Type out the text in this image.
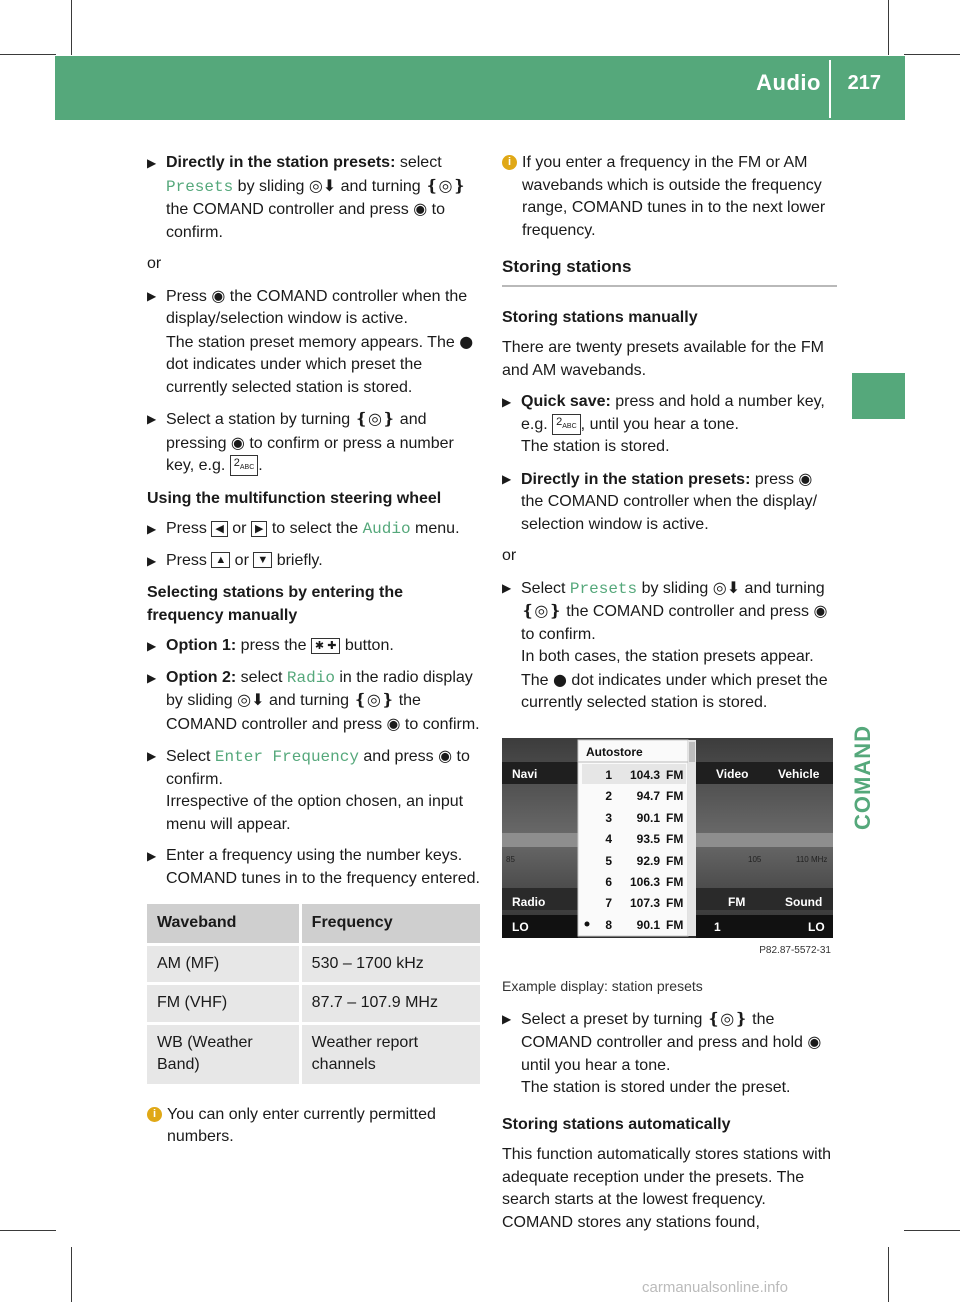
Audio 217
COMAND

▶ Directly in the station presets: select Presets by sliding ◎⬇ and turning ❴◎❵ the COMAND controller and press ◉ to confirm.

or

▶ Press ◉ the COMAND controller when the display/selection window is active.
The station preset memory appears. The ● dot indicates under which preset the currently selected station is stored.

▶ Select a station by turning ❴◎❵ and pressing ◉ to confirm or press a number key, e.g. $2_{ABC}$ .

Using the multifunction steering wheel

▶ Press ◀ or ▶ to select the Audio menu.

▶ Press ▲ or ▼ briefly.

Selecting stations by entering the frequency manually

▶ Option 1: press the ✱ ✚ button.

▶ Option 2: select Radio in the radio display by sliding ◎⬇ and turning ❴◎❵ the COMAND controller and press ◉ to confirm.

▶ Select Enter Frequency and press ◉ to confirm.
Irrespective of the option chosen, an input menu will appear.

▶ Enter a frequency using the number keys.
COMAND tunes in to the frequency entered.

Waveband	Frequency
AM (MF)	530 – 1700 kHz
FM (VHF)	87.7 – 107.9 MHz
WB (Weather Band)	Weather report channels

i You can only enter currently permitted numbers.

i If you enter a frequency in the FM or AM wavebands which is outside the frequency range, COMAND tunes in to the next lower frequency.

Storing stations

Storing stations manually

There are twenty presets available for the FM and AM wavebands.

▶ Quick save: press and hold a number key, e.g. $2_{ABC}$ , until you hear a tone.
The station is stored.

▶ Directly in the station presets: press ◉ the COMAND controller when the display/ selection window is active.

or

▶ Select Presets by sliding ◎⬇ and turning ❴◎❵ the COMAND controller and press ◉ to confirm.
In both cases, the station presets appear.
The ● dot indicates under which preset the currently selected station is stored.

Navi
Radio
LO
Video Vehicle
FM	Sound
1	LO
85	105	110 MHz
Autostore
1 104.3 FM
2 94.7 FM
3 90.1 FM
4 93.5 FM
5 92.9 FM
6 106.3 FM
7 107.3 FM
8 90.1 FM
P82.87-5572-31

Example display: station presets

▶ Select a preset by turning ❴◎❵ the COMAND controller and press and hold ◉ until you hear a tone.
The station is stored under the preset.

Storing stations automatically

This function automatically stores stations with adequate reception under the presets. The search starts at the lowest frequency. COMAND stores any stations found,

carmanualsonline.info
